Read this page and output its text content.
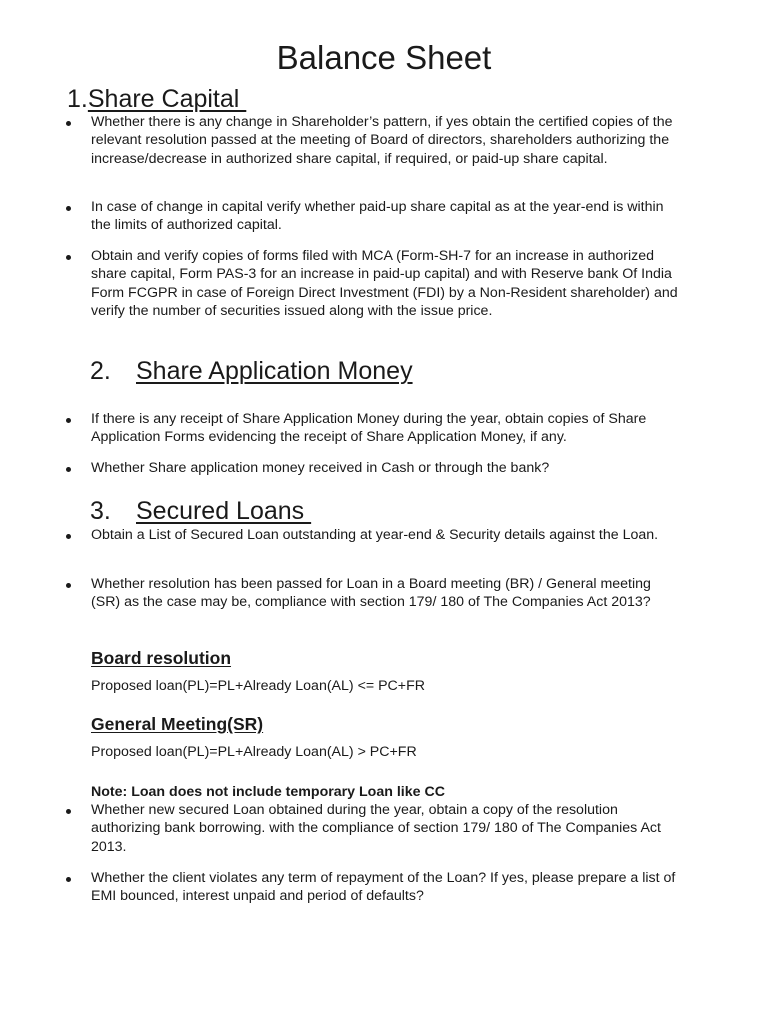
Balance Sheet
1.Share Capital
Whether there is any change in Shareholder’s pattern, if yes obtain the certified copies of the relevant resolution passed at the meeting of Board of directors, shareholders authorizing the increase/decrease in authorized share capital, if required, or paid-up share capital.
In case of change in capital verify whether paid-up share capital as at the year-end is within the limits of authorized capital.
Obtain and verify copies of forms filed with MCA (Form-SH-7 for an increase in authorized share capital, Form PAS-3 for an increase in paid-up capital) and with Reserve bank Of India Form FCGPR in case of Foreign Direct Investment (FDI) by a Non-Resident shareholder) and verify the number of securities issued along with the issue price.
2. Share Application Money
If there is any receipt of Share Application Money during the year, obtain copies of Share Application Forms evidencing the receipt of Share Application Money, if any.
Whether Share application money received in Cash or through the bank?
3. Secured Loans
Obtain a List of Secured Loan outstanding at year-end & Security details against the Loan.
Whether resolution has been passed for Loan in a Board meeting (BR) / General meeting (SR) as the case may be, compliance with section 179/ 180 of The Companies Act 2013?
Board resolution
Proposed loan(PL)=PL+Already Loan(AL) <= PC+FR
General Meeting(SR)
Proposed loan(PL)=PL+Already Loan(AL) > PC+FR
Note: Loan does not include temporary Loan like CC
Whether new secured Loan obtained during the year, obtain a copy of the resolution authorizing bank borrowing. with the compliance of section 179/ 180 of The Companies Act 2013.
Whether the client violates any term of repayment of the Loan? If yes, please prepare a list of EMI bounced, interest unpaid and period of defaults?
